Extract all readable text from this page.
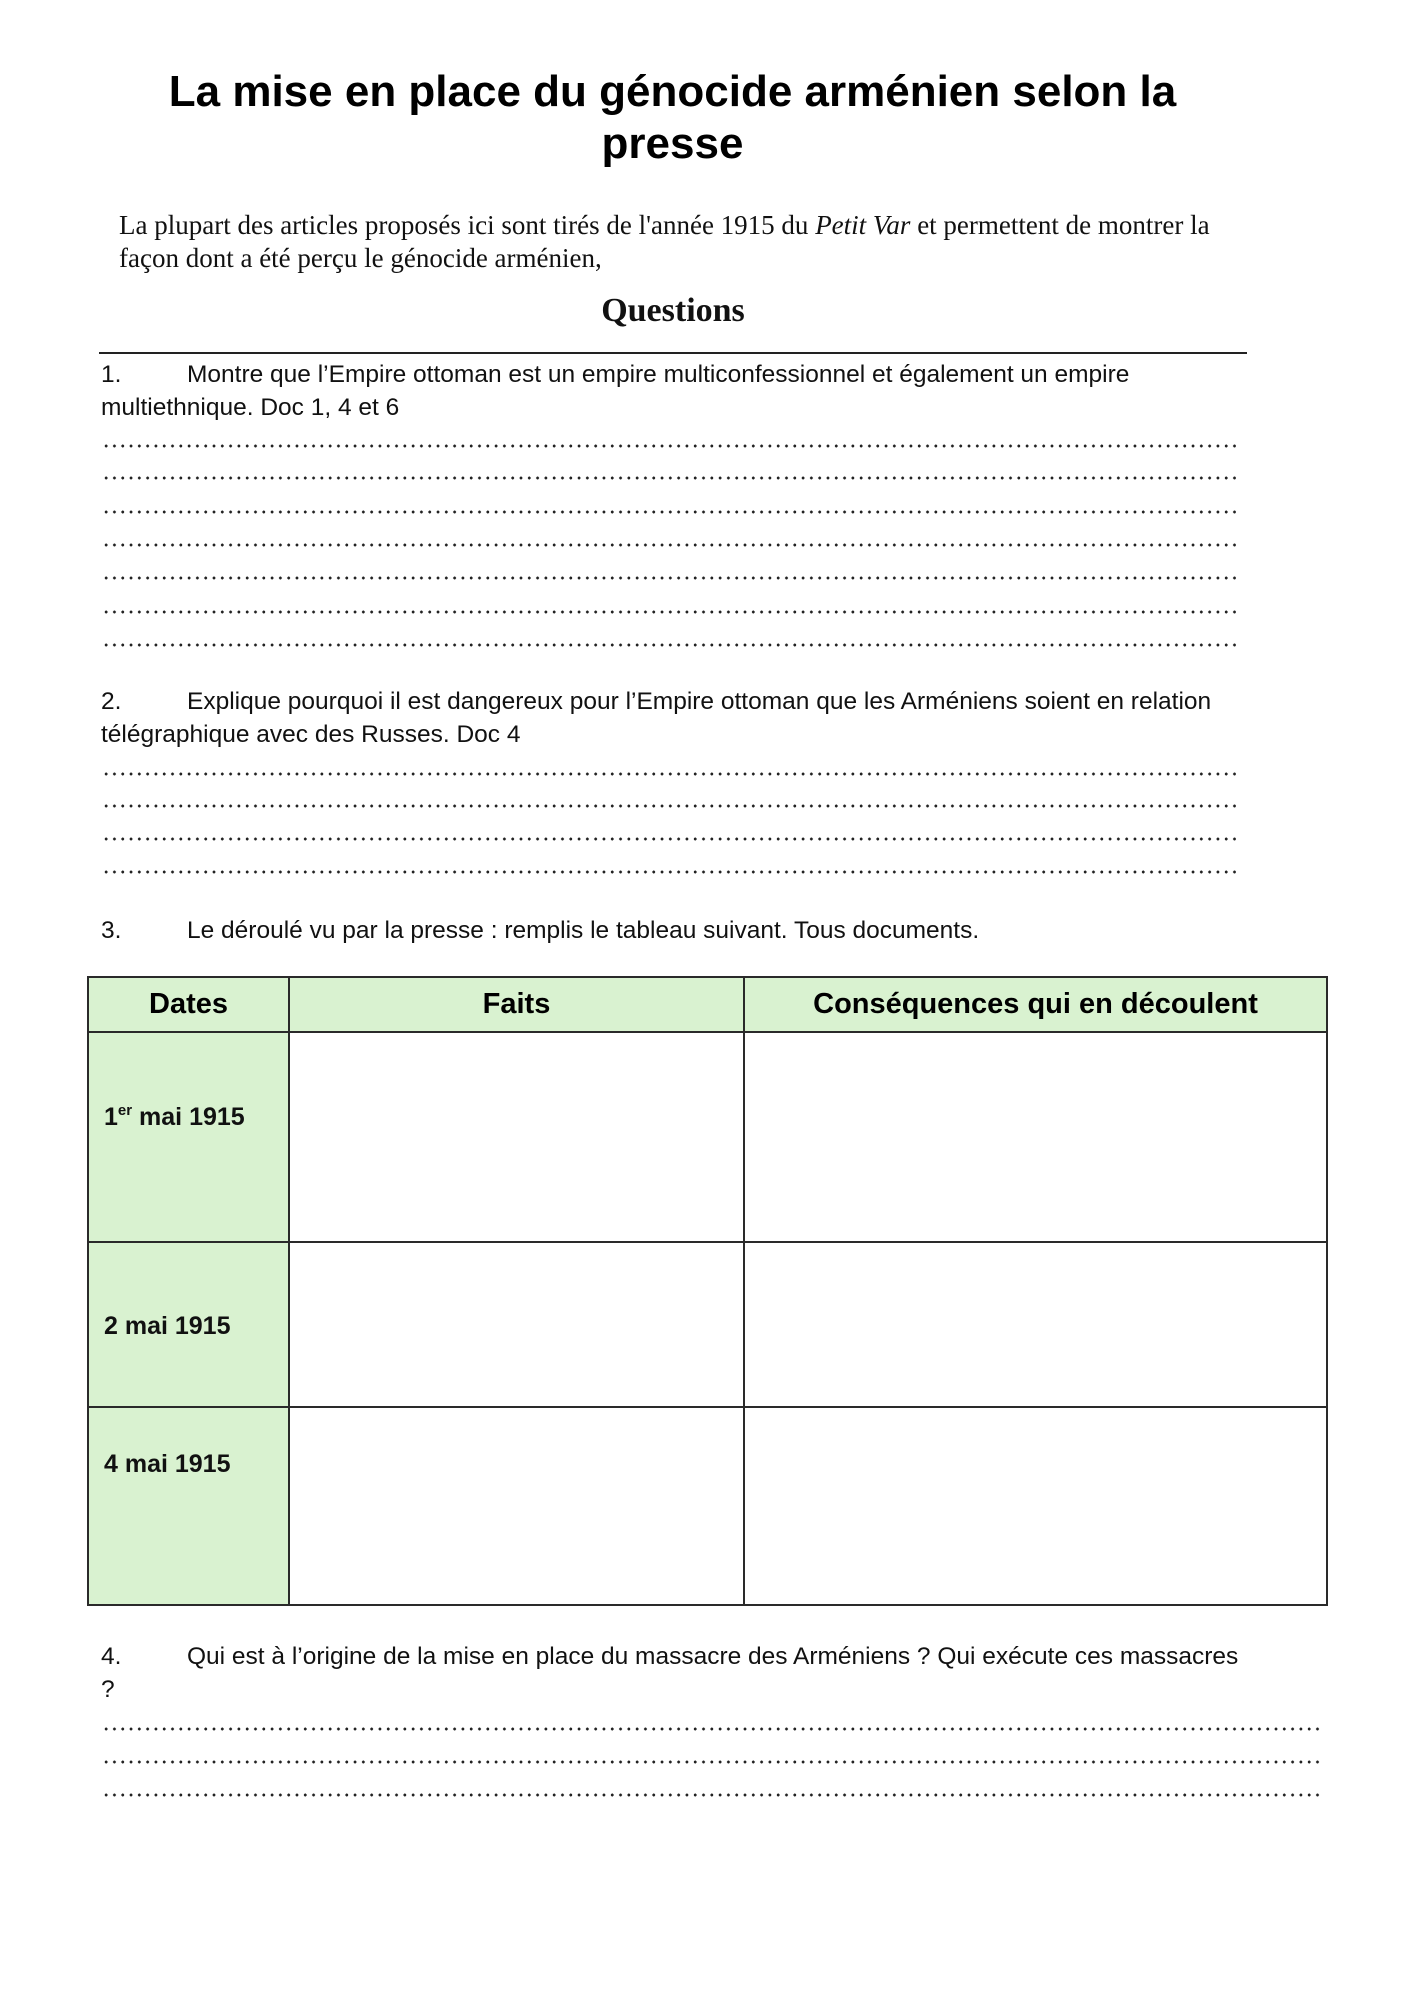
La mise en place du génocide arménien selon la presse
La plupart des articles proposés ici sont tirés de l'année 1915 du Petit Var et permettent de montrer la façon dont a été perçu le génocide arménien,
Questions
1.	Montre que l’Empire ottoman est un empire multiconfessionnel et également un empire multiethnique. Doc 1, 4 et 6
2.	Explique pourquoi il est dangereux pour l’Empire ottoman que les Arméniens soient en relation télégraphique avec des Russes. Doc 4
3.	Le déroulé vu par la presse : remplis le tableau suivant. Tous documents.
Dates	Faits	Conséquences qui en découlent

1er mai 1915		

2 mai 1915		

4 mai 1915		

4.	Qui est à l’origine de la mise en place du massacre des Arméniens ? Qui exécute ces massacres ?
